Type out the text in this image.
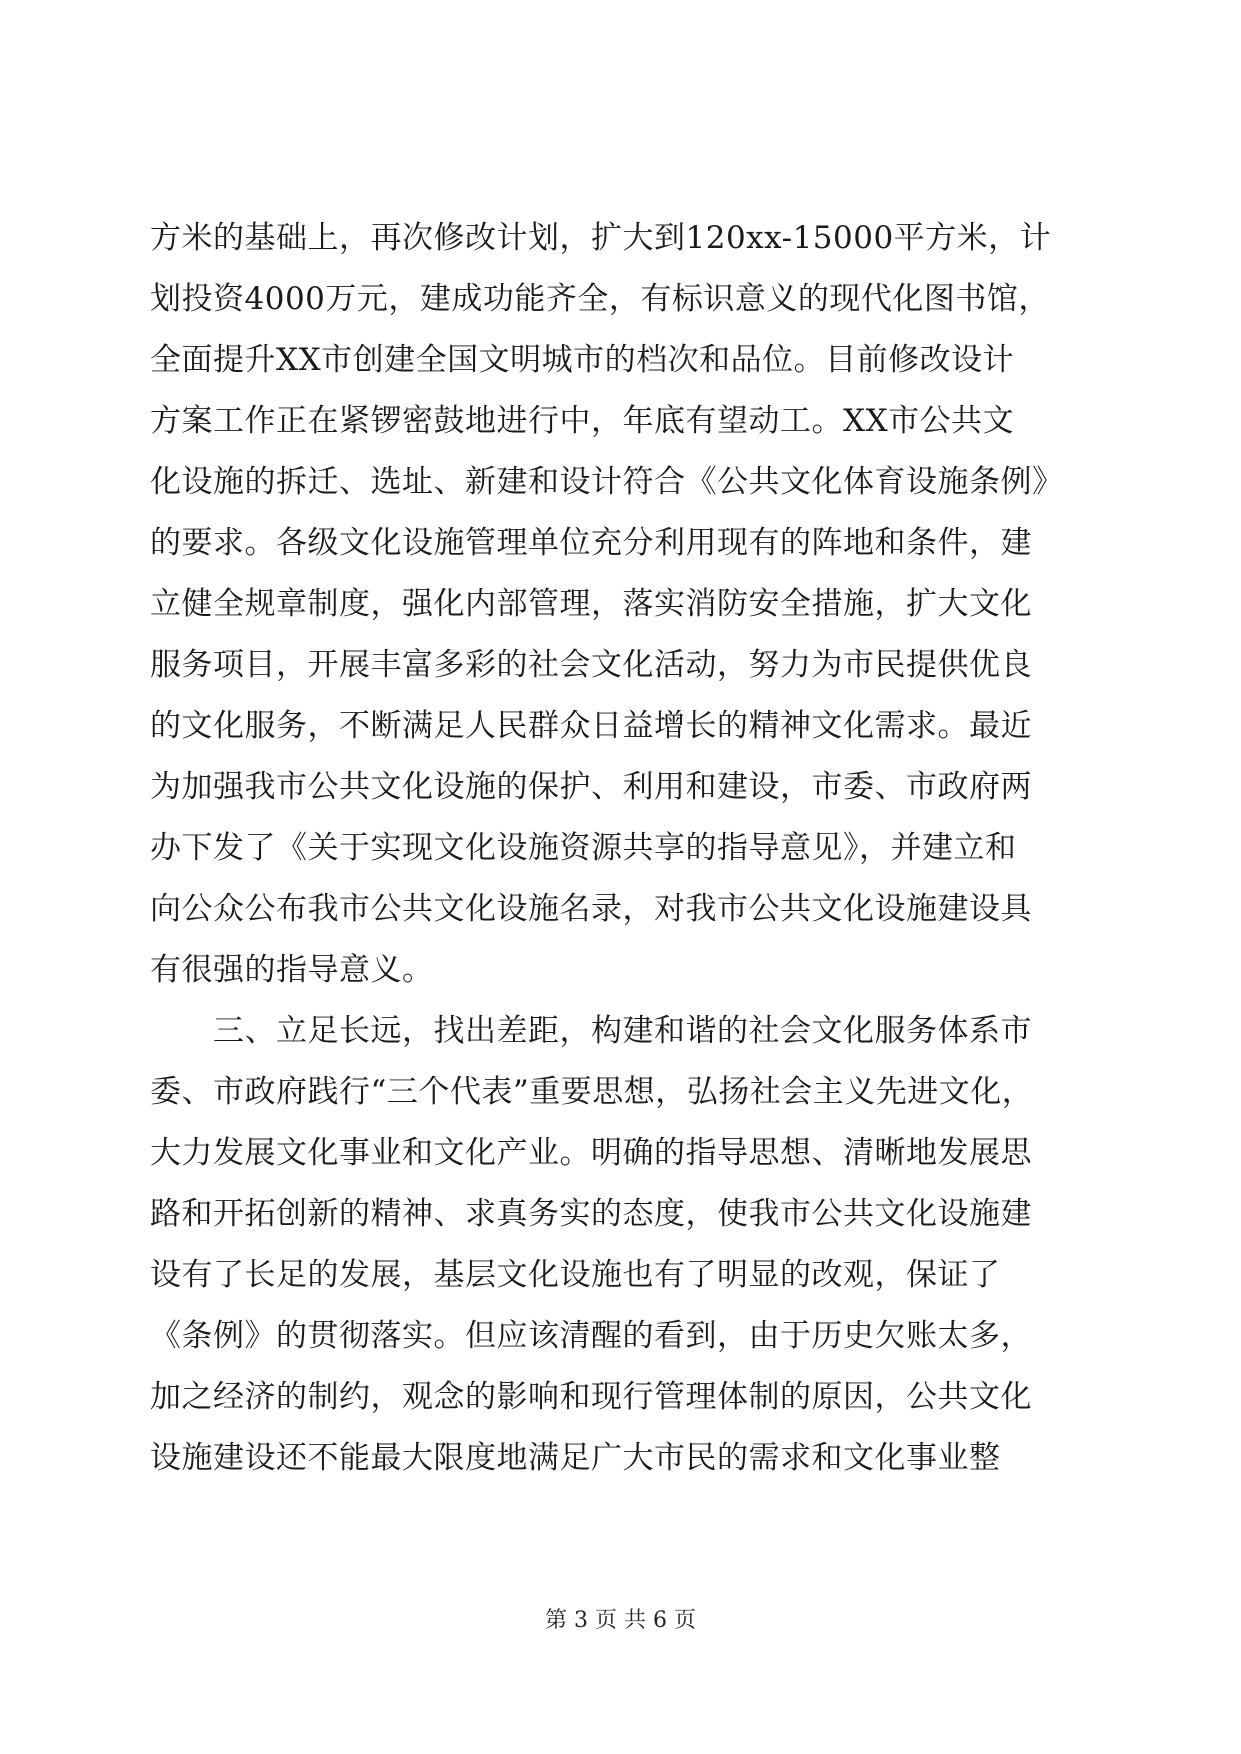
方米的基础上，再次修改计划，扩大到120xx-15000平方米，计
划投资4000万元，建成功能齐全，有标识意义的现代化图书馆，
全面提升XX市创建全国文明城市的档次和品位。目前修改设计
方案工作正在紧锣密鼓地进行中，年底有望动工。XX市公共文
化设施的拆迁、选址、新建和设计符合《公共文化体育设施条例》
的要求。各级文化设施管理单位充分利用现有的阵地和条件，建
立健全规章制度，强化内部管理，落实消防安全措施，扩大文化
服务项目，开展丰富多彩的社会文化活动，努力为市民提供优良
的文化服务，不断满足人民群众日益增长的精神文化需求。最近
为加强我市公共文化设施的保护、利用和建设，市委、市政府两
办下发了《关于实现文化设施资源共享的指导意见》，并建立和
向公众公布我市公共文化设施名录，对我市公共文化设施建设具
有很强的指导意义。
　　三、立足长远，找出差距，构建和谐的社会文化服务体系市
委、市政府践行“三个代表”重要思想，弘扬社会主义先进文化，
大力发展文化事业和文化产业。明确的指导思想、清晰地发展思
路和开拓创新的精神、求真务实的态度，使我市公共文化设施建
设有了长足的发展，基层文化设施也有了明显的改观，保证了
《条例》的贯彻落实。但应该清醒的看到，由于历史欠账太多，
加之经济的制约，观念的影响和现行管理体制的原因，公共文化
设施建设还不能最大限度地满足广大市民的需求和文化事业整
第 3 页 共 6 页
